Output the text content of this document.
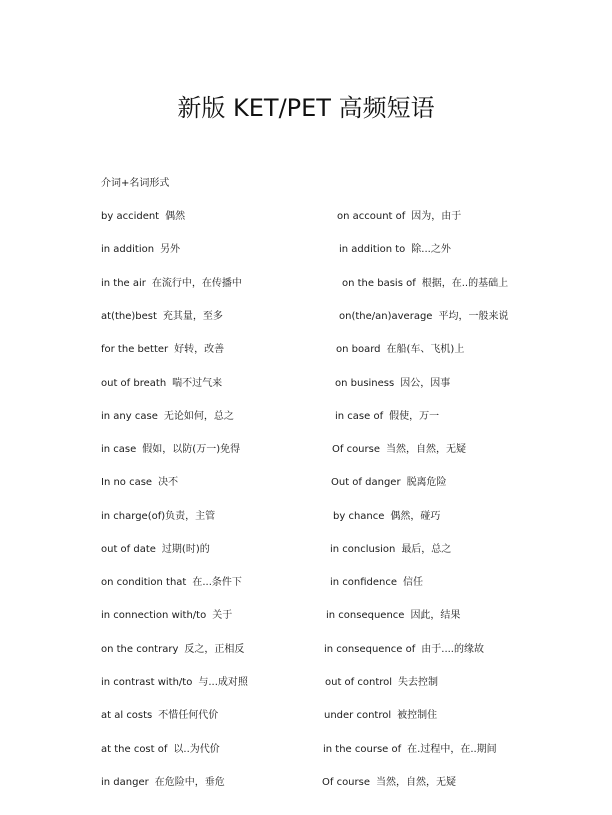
新版 KET/PET 高频短语
介词+名词形式
by accident 偶然	on account of 因为，由于
in addition 另外	in addition to 除...之外
in the air 在流行中，在传播中	on the basis of 根据，在..的基础上
at(the)best 充其量，至多	on(the/an)average 平均，一般来说
for the better 好转，改善	on board 在船(车、飞机)上
out of breath 喘不过气来	on business 因公，因事
in any case 无论如何，总之	in case of 假使，万一
in case 假如，以防(万一)免得	Of course 当然，自然，无疑
In no case 决不	Out of danger 脱离危险
in charge(of)负责，主管	by chance 偶然，碰巧
out of date 过期(时)的	in conclusion 最后，总之
on condition that 在...条件下	in confidence 信任
in connection with/to 关于	in consequence 因此，结果
on the contrary 反之，正相反	in consequence of 由于....的缘故
in contrast with/to 与...成对照	out of control 失去控制
at al costs 不惜任何代价	under control 被控制住
at the cost of 以..为代价	in the course of 在.过程中，在..期间
in danger 在危险中，垂危	Of course 当然，自然，无疑
